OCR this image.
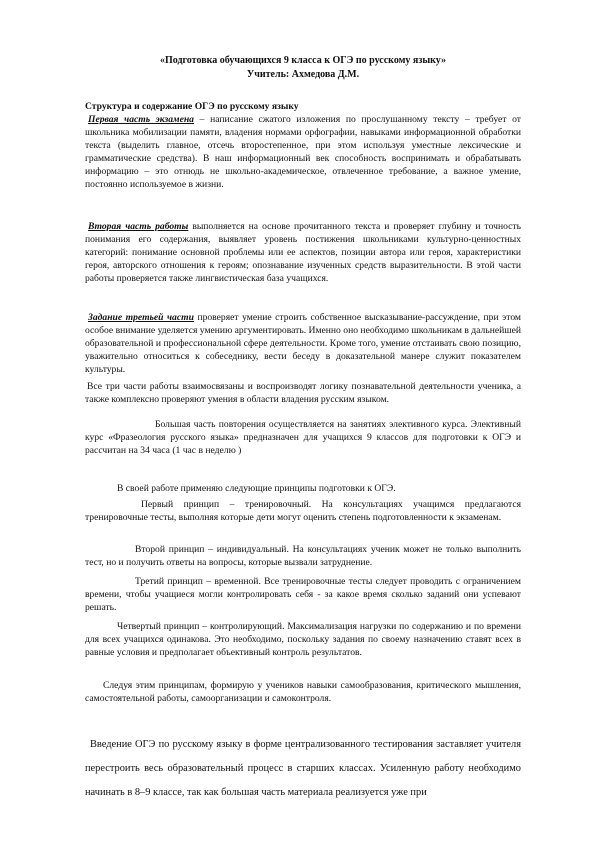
«Подготовка обучающихся 9 класса к ОГЭ по русскому языку»

Учитель: Ахмедова Д.М.

Структура и содержание ОГЭ по русскому языку

Первая часть экзамена – написание сжатого изложения по прослушанному тексту – требует от школьника мобилизации памяти, владения нормами орфографии, навыками информационной обработки текста (выделить главное, отсечь второстепенное, при этом используя уместные лексические и грамматические средства). В наш информационный век способность воспринимать и обрабатывать информацию – это отнюдь не школьно-академическое, отвлеченное требование, а важное умение, постоянно используемое в жизни.

Вторая часть работы выполняется на основе прочитанного текста и проверяет глубину и точность понимания его содержания, выявляет уровень постижения школьниками культурно-ценностных категорий: понимание основной проблемы или ее аспектов, позиции автора или героя, характеристики героя, авторского отношения к героям; опознавание изученных средств выразительности. В этой части работы проверяется также лингвистическая база учащихся.

Задание третьей части проверяет умение строить собственное высказывание-рассуждение, при этом особое внимание уделяется умению аргументировать. Именно оно необходимо школьникам в дальнейшей образовательной и профессиональной сфере деятельности. Кроме того, умение отстаивать свою позицию, уважительно относиться к собеседнику, вести беседу в доказательной манере служит показателем культуры.

Все три части работы взаимосвязаны и воспроизводят логику познавательной деятельности ученика, а также комплексно проверяют умения в области владения русским языком.

Большая часть повторения осуществляется на занятиях элективного курса. Элективный курс «Фразеология русского языка» предназначен для учащихся 9 классов для подготовки к ОГЭ и рассчитан на 34 часа (1 час в неделю )

В своей работе применяю следующие принципы подготовки к ОГЭ.

Первый принцип – тренировочный. На консультациях учащимся предлагаются тренировочные тесты, выполняя которые дети могут оценить степень подготовленности к экзаменам.

Второй принцип – индивидуальный. На консультациях ученик может не только выполнить тест, но и получить ответы на вопросы, которые вызвали затруднение.

Третий принцип – временной. Все тренировочные тесты следует проводить с ограничением времени, чтобы учащиеся могли контролировать себя - за какое время сколько заданий они успевают решать.

Четвертый принцип – контролирующий. Максимализация нагрузки по содержанию и по времени для всех учащихся одинакова. Это необходимо, поскольку задания по своему назначению ставят всех в равные условия и предполагает объективный контроль результатов.

Следуя этим принципам, формирую у учеников навыки самообразования, критического мышления, самостоятельной работы, самоорганизации и самоконтроля.

Введение ОГЭ по русскому языку в форме централизованного тестирования заставляет учителя перестроить весь образовательный процесс в старших классах. Усиленную работу необходимо начинать в 8–9 классе, так как большая часть материала реализуется уже при
